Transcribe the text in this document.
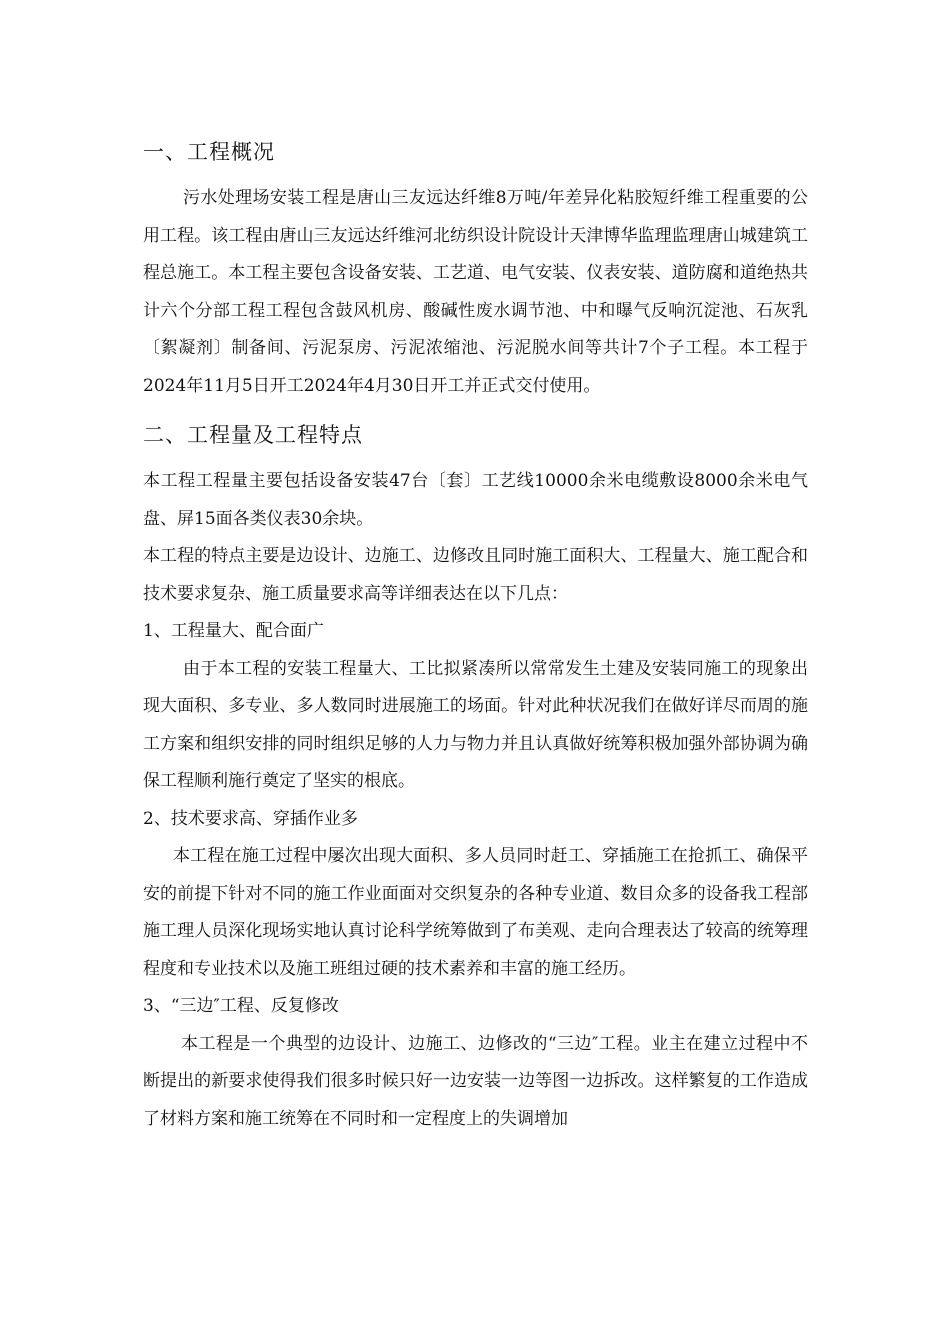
一、工程概况

污水处理场安装工程是唐山三友远达纤维8万吨/年差异化粘胶短纤维工程重要的公用工程。该工程由唐山三友远达纤维河北纺织设计院设计天津博华监理监理唐山城建筑工程总施工。本工程主要包含设备安装、工艺道、电气安装、仪表安装、道防腐和道绝热共计六个分部工程工程包含鼓风机房、酸碱性废水调节池、中和曝气反响沉淀池、石灰乳〔絮凝剂〕制备间、污泥泵房、污泥浓缩池、污泥脱水间等共计7个子工程。本工程于2024年11月5日开工2024年4月30日开工并正式交付使用。

二、工程量及工程特点

本工程工程量主要包括设备安装47台〔套〕工艺线10000余米电缆敷设8000余米电气盘、屏15面各类仪表30余块。

本工程的特点主要是边设计、边施工、边修改且同时施工面积大、工程量大、施工配合和技术要求复杂、施工质量要求高等详细表达在以下几点：

1、工程量大、配合面广

由于本工程的安装工程量大、工比拟紧凑所以常常发生土建及安装同施工的现象出现大面积、多专业、多人数同时进展施工的场面。针对此种状况我们在做好详尽而周的施工方案和组织安排的同时组织足够的人力与物力并且认真做好统筹积极加强外部协调为确保工程顺利施行奠定了坚实的根底。

2、技术要求高、穿插作业多

本工程在施工过程中屡次出现大面积、多人员同时赶工、穿插施工在抢抓工、确保平安的前提下针对不同的施工作业面面对交织复杂的各种专业道、数目众多的设备我工程部施工理人员深化现场实地认真讨论科学统筹做到了布美观、走向合理表达了较高的统筹理程度和专业技术以及施工班组过硬的技术素养和丰富的施工经历。

3、“三边″工程、反复修改

本工程是一个典型的边设计、边施工、边修改的“三边″工程。业主在建立过程中不断提出的新要求使得我们很多时候只好一边安装一边等图一边拆改。这样繁复的工作造成了材料方案和施工统筹在不同时和一定程度上的失调增加
